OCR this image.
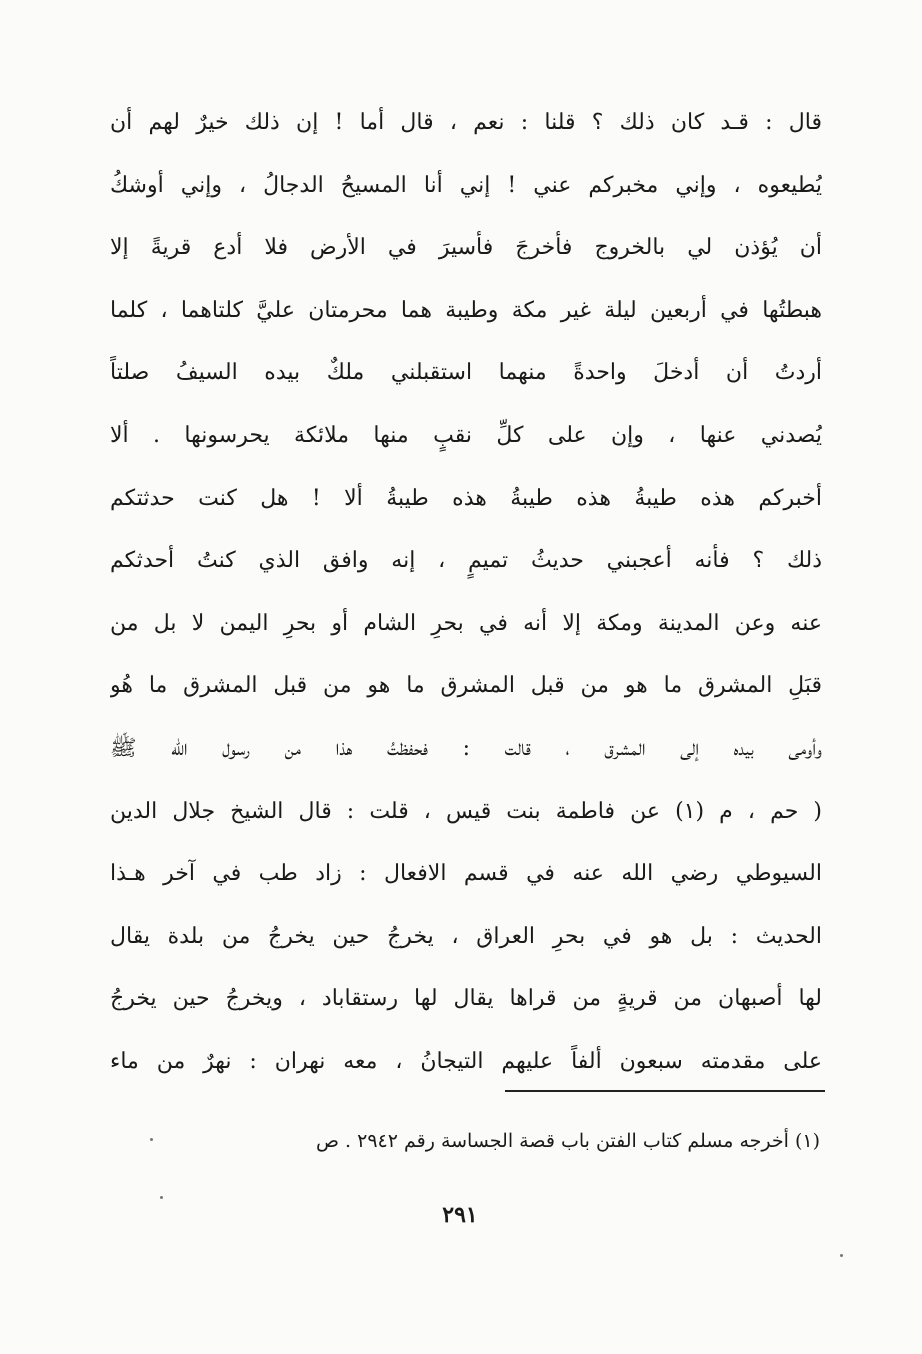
قال : قـد كان ذلك ؟ قلنا : نعم ، قال أما ! إن ذلك خيرٌ لهم أن
يُطيعوه ، وإني مخبركم عني ! إني أنا المسيحُ الدجالُ ، وإني أوشكُ
أن يُؤذن لي بالخروج فأخرجَ فأسيرَ في الأرض فلا أدع قريةً إلا
هبطتُها في أربعين ليلة غير مكة وطيبة هما محرمتان عليَّ كلتاهما ، كلما
أردتُ أن أدخلَ واحدةً منهما استقبلني ملكٌ بيده السيفُ صلتاً
يُصدني عنها ، وإن على كلِّ نقبٍ منها ملائكة يحرسونها . ألا
أخبركم هذه طيبةُ هذه طيبةُ هذه طيبةُ ألا ! هل كنت حدثتكم
ذلك ؟ فأنه أعجبني حديثُ تميمٍ ، إنه وافق الذي كنتُ أحدثكم
عنه وعن المدينة ومكة إلا أنه في بحرِ الشام أو بحرِ اليمن لا بل من
قبَلِ المشرق ما هو من قبل المشرق ما هو من قبل المشرق ما هُو
وأومى بيده إلى المشرق ، قالت : فحفظتُ هذا من رسول الله ﷺ
( حم ، م (١) عن فاطمة بنت قيس ، قلت : قال الشيخ جلال الدين
السيوطي رضي الله عنه في قسم الافعال : زاد طب في آخر هـذا
الحديث : بل هو في بحرِ العراق ، يخرجُ حين يخرجُ من بلدة يقال
لها أصبهان من قريةٍ من قراها يقال لها رستقاباد ، ويخرجُ حين يخرجُ
على مقدمته سبعون ألفاً عليهم التيجانُ ، معه نهران : نهرٌ من ماء
(١) أخرجه مسلم كتاب الفتن باب قصة الجساسة رقم ٢٩٤٢ . ص
٢٩١
